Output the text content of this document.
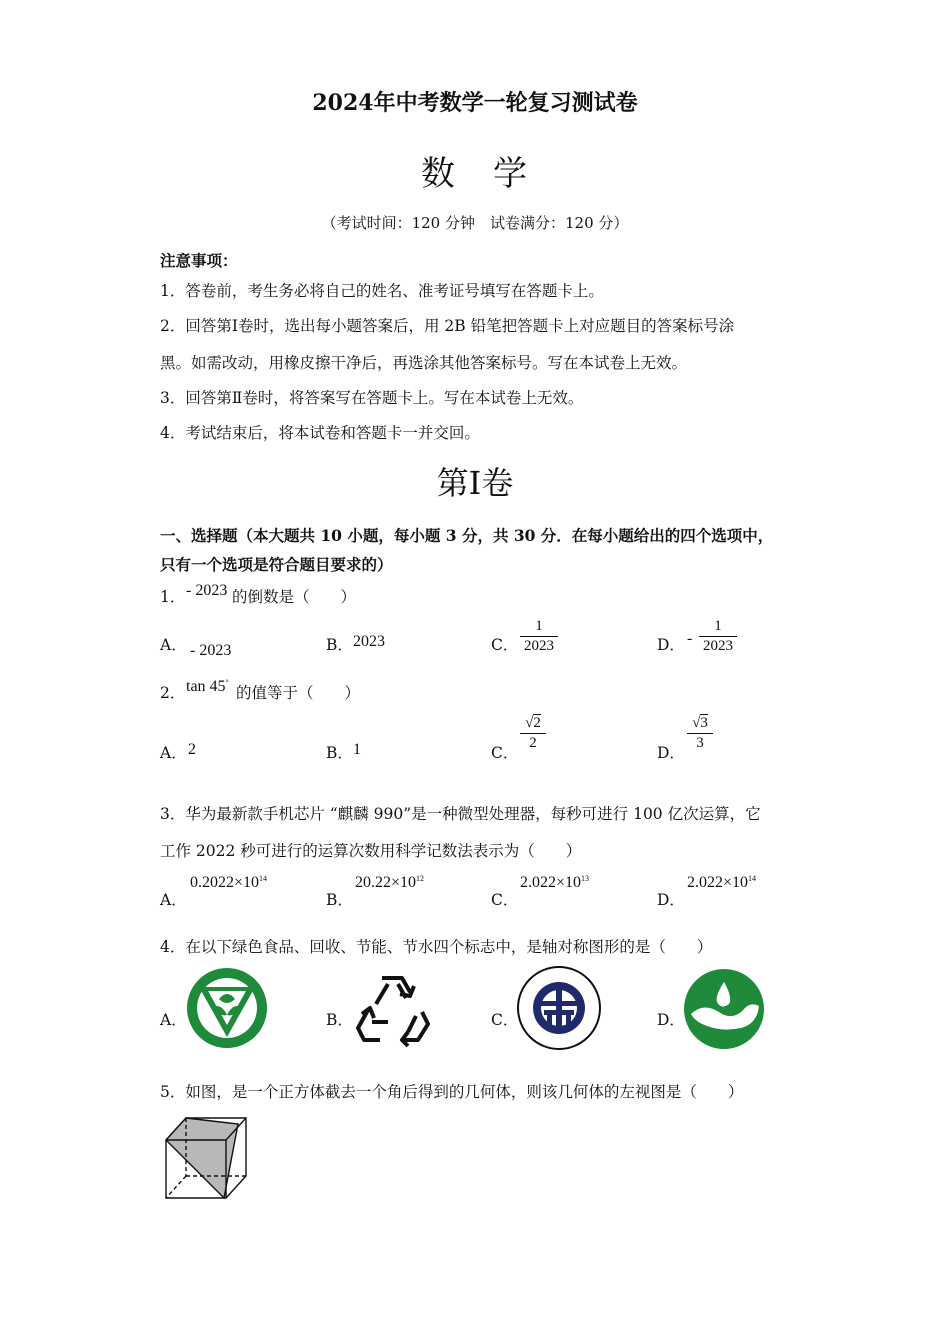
2024年中考数学一轮复习测试卷
数　学
（考试时间：120 分钟　试卷满分：120 分）
注意事项：
1．答卷前，考生务必将自己的姓名、准考证号填写在答题卡上。
2．回答第Ⅰ卷时，选出每小题答案后，用 2B 铅笔把答题卡上对应题目的答案标号涂
黑。如需改动，用橡皮擦干净后，再选涂其他答案标号。写在本试卷上无效。
3．回答第Ⅱ卷时，将答案写在答题卡上。写在本试卷上无效。
4．考试结束后，将本试卷和答题卡一并交回。
第Ⅰ卷
一、选择题（本大题共 10 小题，每小题 3 分，共 30 分．在每小题给出的四个选项中，
只有一个选项是符合题目要求的）
1． - 2023 的倒数是（　　）
A． - 2023	B． 2023	C．
1
2023	D． -
1
2023
2． tan 45°
的值等于（　　）
A． 2	B． 1	C．
√2
2
D．
√3
3
3．华为最新款手机芯片 “麒麟 990”是一种微型处理器，每秒可进行 100 亿次运算，它
工作 2022 秒可进行的运算次数用科学记数法表示为（　　）
A．
$0.2022\times 10^{14}$
B．
$20.22\times 10^{12}$
C．
$2.022\times 10^{13}$
D．
$2.022\times 10^{14}$
4．在以下绿色食品、回收、节能、节水四个标志中，是轴对称图形的是（　　）
A．	B．	C．	D．
5．如图，是一个正方体截去一个角后得到的几何体，则该几何体的左视图是（　　）
